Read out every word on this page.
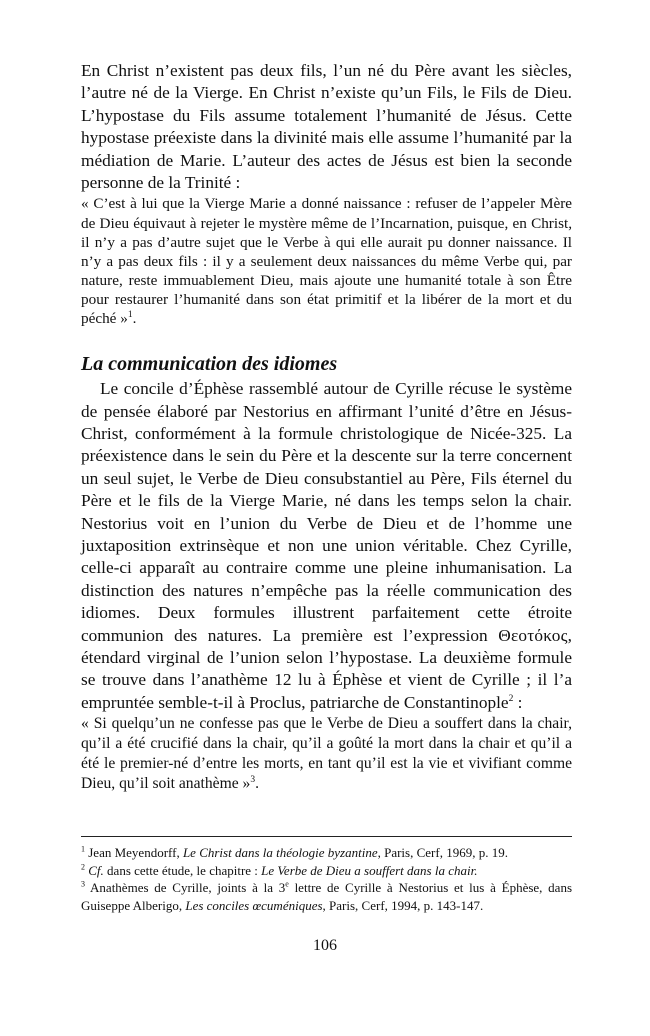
En Christ n’existent pas deux fils, l’un né du Père avant les siècles, l’autre né de la Vierge. En Christ n’existe qu’un Fils, le Fils de Dieu. L’hypostase du Fils assume totalement l’humanité de Jésus. Cette hypostase préexiste dans la divinité mais elle assume l’humanité par la médiation de Marie. L’auteur des actes de Jésus est bien la seconde personne de la Trinité :

« C’est à lui que la Vierge Marie a donné naissance : refuser de l’appeler Mère de Dieu équivaut à rejeter le mystère même de l’Incarnation, puisque, en Christ, il n’y a pas d’autre sujet que le Verbe à qui elle aurait pu donner naissance. Il n’y a pas deux fils : il y a seulement deux naissances du même Verbe qui, par nature, reste immuablement Dieu, mais ajoute une humanité totale à son Être pour restaurer l’humanité dans son état primitif et la libérer de la mort et du péché »$^1$.

La communication des idiomes

Le concile d’Éphèse rassemblé autour de Cyrille récuse le système de pensée élaboré par Nestorius en affirmant l’unité d’être en Jésus-Christ, conformément à la formule christologique de Nicée-325. La préexistence dans le sein du Père et la descente sur la terre concernent un seul sujet, le Verbe de Dieu consubstantiel au Père, Fils éternel du Père et le fils de la Vierge Marie, né dans les temps selon la chair. Nestorius voit en l’union du Verbe de Dieu et de l’homme une juxtaposition extrinsèque et non une union véritable. Chez Cyrille, celle-ci apparaît au contraire comme une pleine inhumanisation. La distinction des natures n’empêche pas la réelle communication des idiomes. Deux formules illustrent parfaitement cette étroite communion des natures. La première est l’expression Θεοτόκος, étendard virginal de l’union selon l’hypostase. La deuxième formule se trouve dans l’anathème 12 lu à Éphèse et vient de Cyrille ; il l’a empruntée semble-t-il à Proclus, patriarche de Constantinople$^2$ :

« Si quelqu’un ne confesse pas que le Verbe de Dieu a souffert dans la chair, qu’il a été crucifié dans la chair, qu’il a goûté la mort dans la chair et qu’il a été le premier-né d’entre les morts, en tant qu’il est la vie et vivifiant comme Dieu, qu’il soit anathème »$^3$.

$^1$ Jean Meyendorff, Le Christ dans la théologie byzantine, Paris, Cerf, 1969, p. 19.

$^2$ Cf. dans cette étude, le chapitre : Le Verbe de Dieu a souffert dans la chair.

$^3$ Anathèmes de Cyrille, joints à la 3e lettre de Cyrille à Nestorius et lus à Éphèse, dans Guiseppe Alberigo, Les conciles œcuméniques, Paris, Cerf, 1994, p. 143-147.

106
